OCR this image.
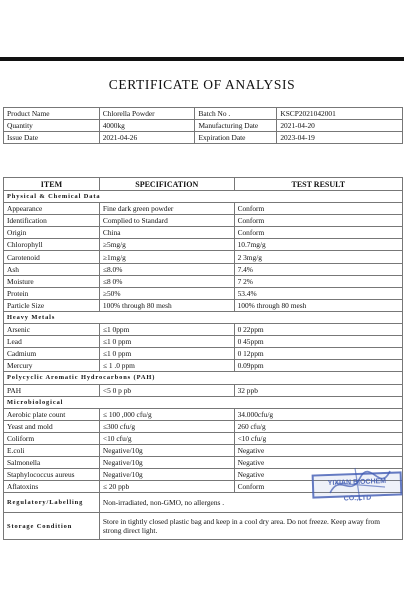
CERTIFICATE OF ANALYSIS
Product Name	Chlorella Powder	Batch No .	KSCP2021042001
Quantity	4000kg	Manufacturing Date	2021-04-20
Issue Date	2021-04-26	Expiration Date	2023-04-19
ITEM	SPECIFICATION	TEST RESULT
Physical & Chemical Data		
Appearance	Fine dark green powder	Conform
Identification	Complied to Standard	Conform
Origin	China	Conform
Chlorophyll	≥5mg/g	10.7mg/g
Carotenoid	≥1mg/g	2 3mg/g
Ash	≤8.0%	7.4%
Moisture	≤8 0%	7 2%
Protein	≥50%	53.4%
Particle Size	100% through 80 mesh	100% through 80 mesh
Heavy Metals		
Arsenic	≤1 0ppm	0 22ppm
Lead	≤1 0 ppm	0 45ppm
Cadmium	≤1 0 ppm	0 12ppm
Mercury	≤ 1 .0 ppm	0.09ppm
Polycyclic Aromatic Hydrocarbons (PAH)		
PAH	<5 0 p pb	32 ppb
Microbiological		
Aerobic plate count	≤ 100 ,000 cfu/g	34.000cfu/g
Yeast and mold	≤300 cfu/g	260 cfu/g
Coliform	<10 cfu/g	<10 cfu/g
E.coli	Negative/10g	Negative
Salmonella	Negative/10g	Negative
Staphylococcus aureus	Negative/10g	Negative
Aflatoxins	≤ 20 ppb	Conform
Regulatory/Labelling	Non-irradiated, non-GMO, no allergens .	
Storage Condition	Store in tightly closed plastic bag and keep in a cool dry area. Do not freeze. Keep away from strong direct light.	
YIXIAN BIOCHEM CO.,LTD
